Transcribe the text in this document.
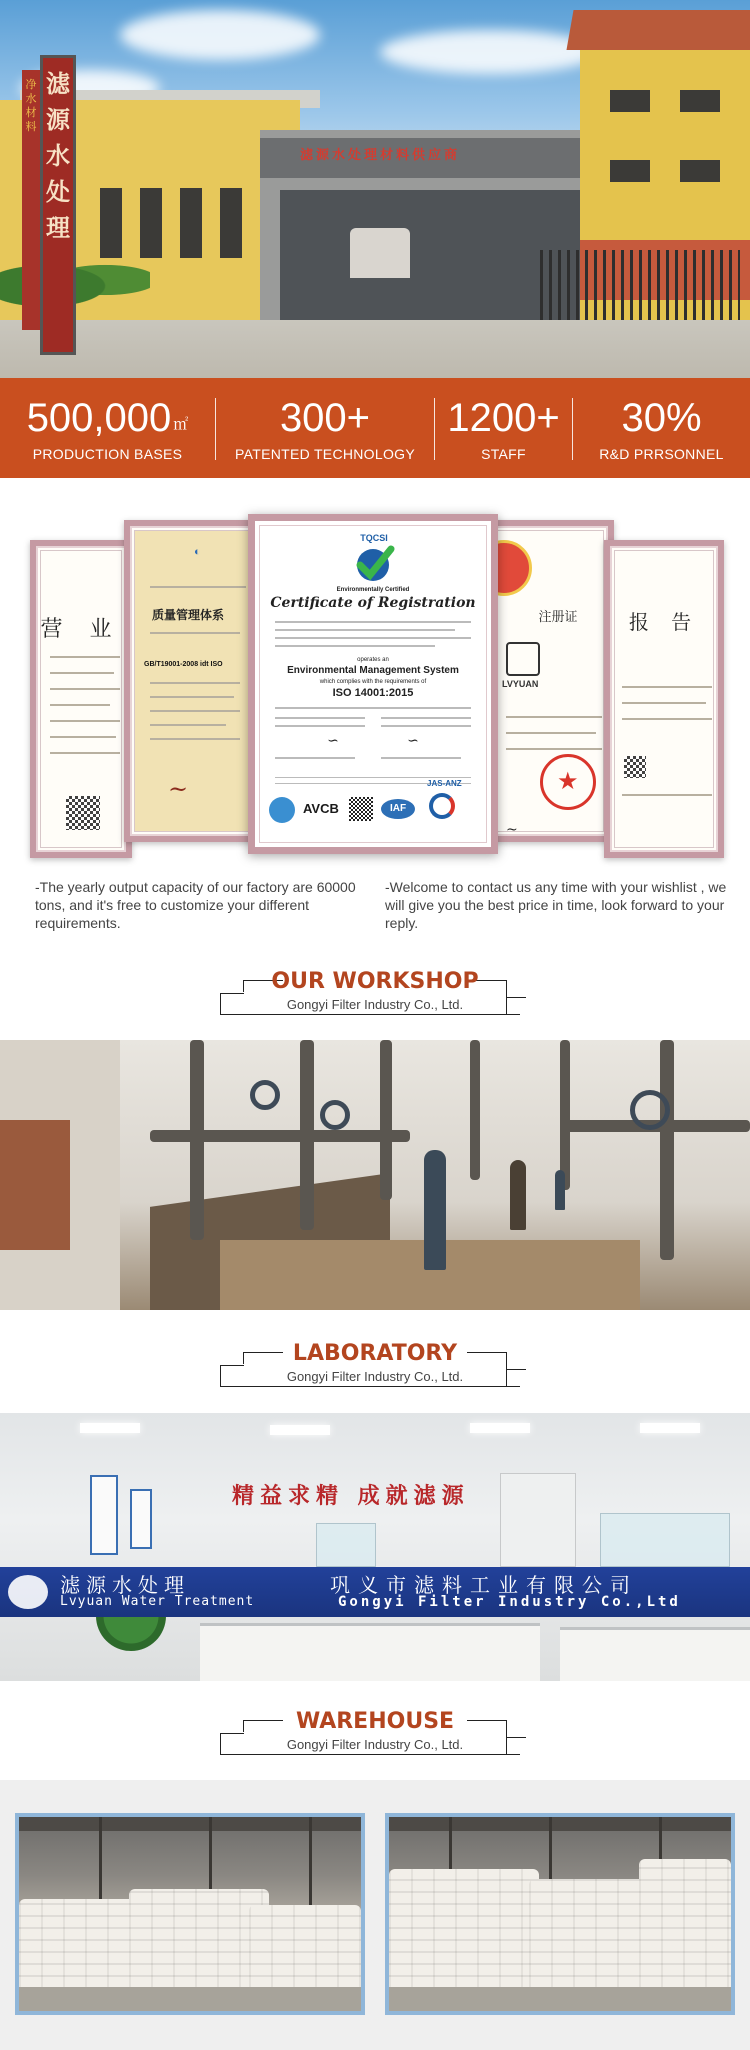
滤源水处理材料供应商
净水材料
滤源水处理
500,000 ㎡
PRODUCTION BASES
300+
PATENTED TECHNOLOGY
1200+
STAFF
30%
R&D PRRSONNEL
营 业
◐
质量管理体系
GB/T19001-2008 idt ISO
~
注册证
LVYUAN
★
~
报 告
TQCSI
Environmentally Certified
Certificate of Registration
operates an
Environmental Management System
which complies with the requirements of
ISO 14001:2015
∽	∽
AVCB	IAF
JAS-ANZ
-The yearly output capacity of our factory are 60000 tons, and it's free to customize your different requirements.
-Welcome to contact us any time with your wishlist , we will give you the best price in time, look forward to your reply.
OUR WORKSHOP
Gongyi Filter Industry Co., Ltd.
LABORATORY
Gongyi Filter Industry Co., Ltd.
精益求精 成就滤源
滤源水处理
Lvyuan Water Treatment
巩义市滤料工业有限公司
Gongyi Filter Industry Co.,Ltd
WAREHOUSE
Gongyi Filter Industry Co., Ltd.
